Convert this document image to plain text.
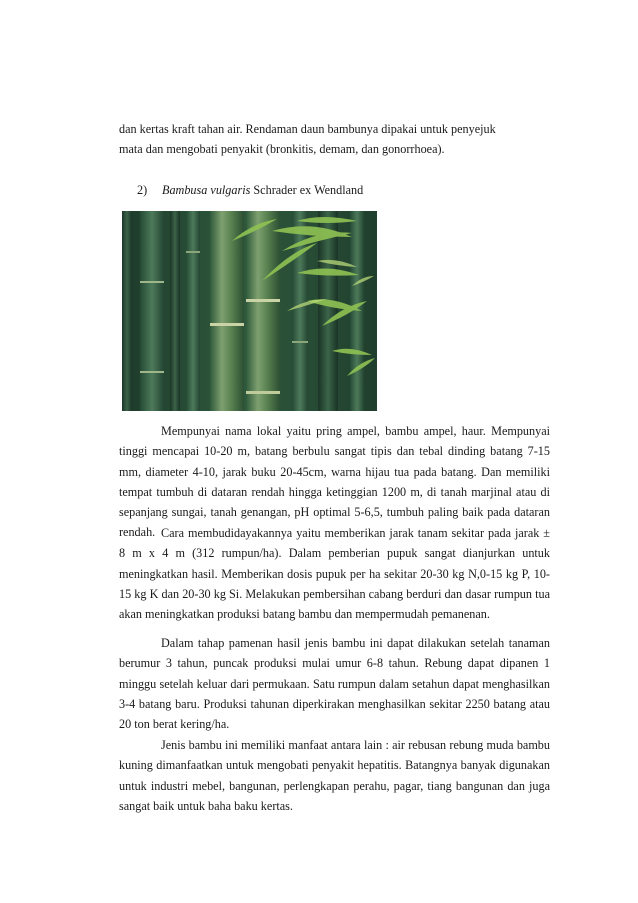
dan kertas kraft tahan air. Rendaman daun bambunya dipakai untuk penyejuk

mata dan mengobati penyakit (bronkitis, demam, dan gonorrhoea).

2) Bambusa vulgaris Schrader ex Wendland

Mempunyai nama lokal yaitu pring ampel, bambu ampel, haur. Mempunyai tinggi mencapai 10-20 m, batang berbulu sangat tipis dan tebal dinding batang 7-15 mm, diameter 4-10, jarak buku 20-45cm, warna hijau tua pada batang. Dan memiliki tempat tumbuh di dataran rendah hingga ketinggian 1200 m, di tanah marjinal atau di sepanjang sungai, tanah genangan, pH optimal 5-6,5, tumbuh paling baik pada dataran rendah. Cara membudidayakannya yaitu memberikan jarak tanam sekitar pada jarak ± 8 m x 4 m (312 rumpun/ha). Dalam pemberian pupuk sangat dianjurkan untuk meningkatkan hasil. Memberikan dosis pupuk per ha sekitar 20-30 kg N,0-15 kg P, 10-15 kg K dan 20-30 kg Si. Melakukan pembersihan cabang berduri dan dasar rumpun tua akan meningkatkan produksi batang bambu dan mempermudah pemanenan.

Dalam tahap pamenan hasil jenis bambu ini dapat dilakukan setelah tanaman berumur 3 tahun, puncak produksi mulai umur 6-8 tahun. Rebung dapat dipanen 1 minggu setelah keluar dari permukaan. Satu rumpun dalam setahun dapat menghasilkan 3-4 batang baru. Produksi tahunan diperkirakan menghasilkan sekitar 2250 batang atau 20 ton berat kering/ha.

Jenis bambu ini memiliki manfaat antara lain : air rebusan rebung muda bambu kuning dimanfaatkan untuk mengobati penyakit hepatitis. Batangnya banyak digunakan untuk industri mebel, bangunan, perlengkapan perahu, pagar, tiang bangunan dan juga sangat baik untuk baha baku kertas.
